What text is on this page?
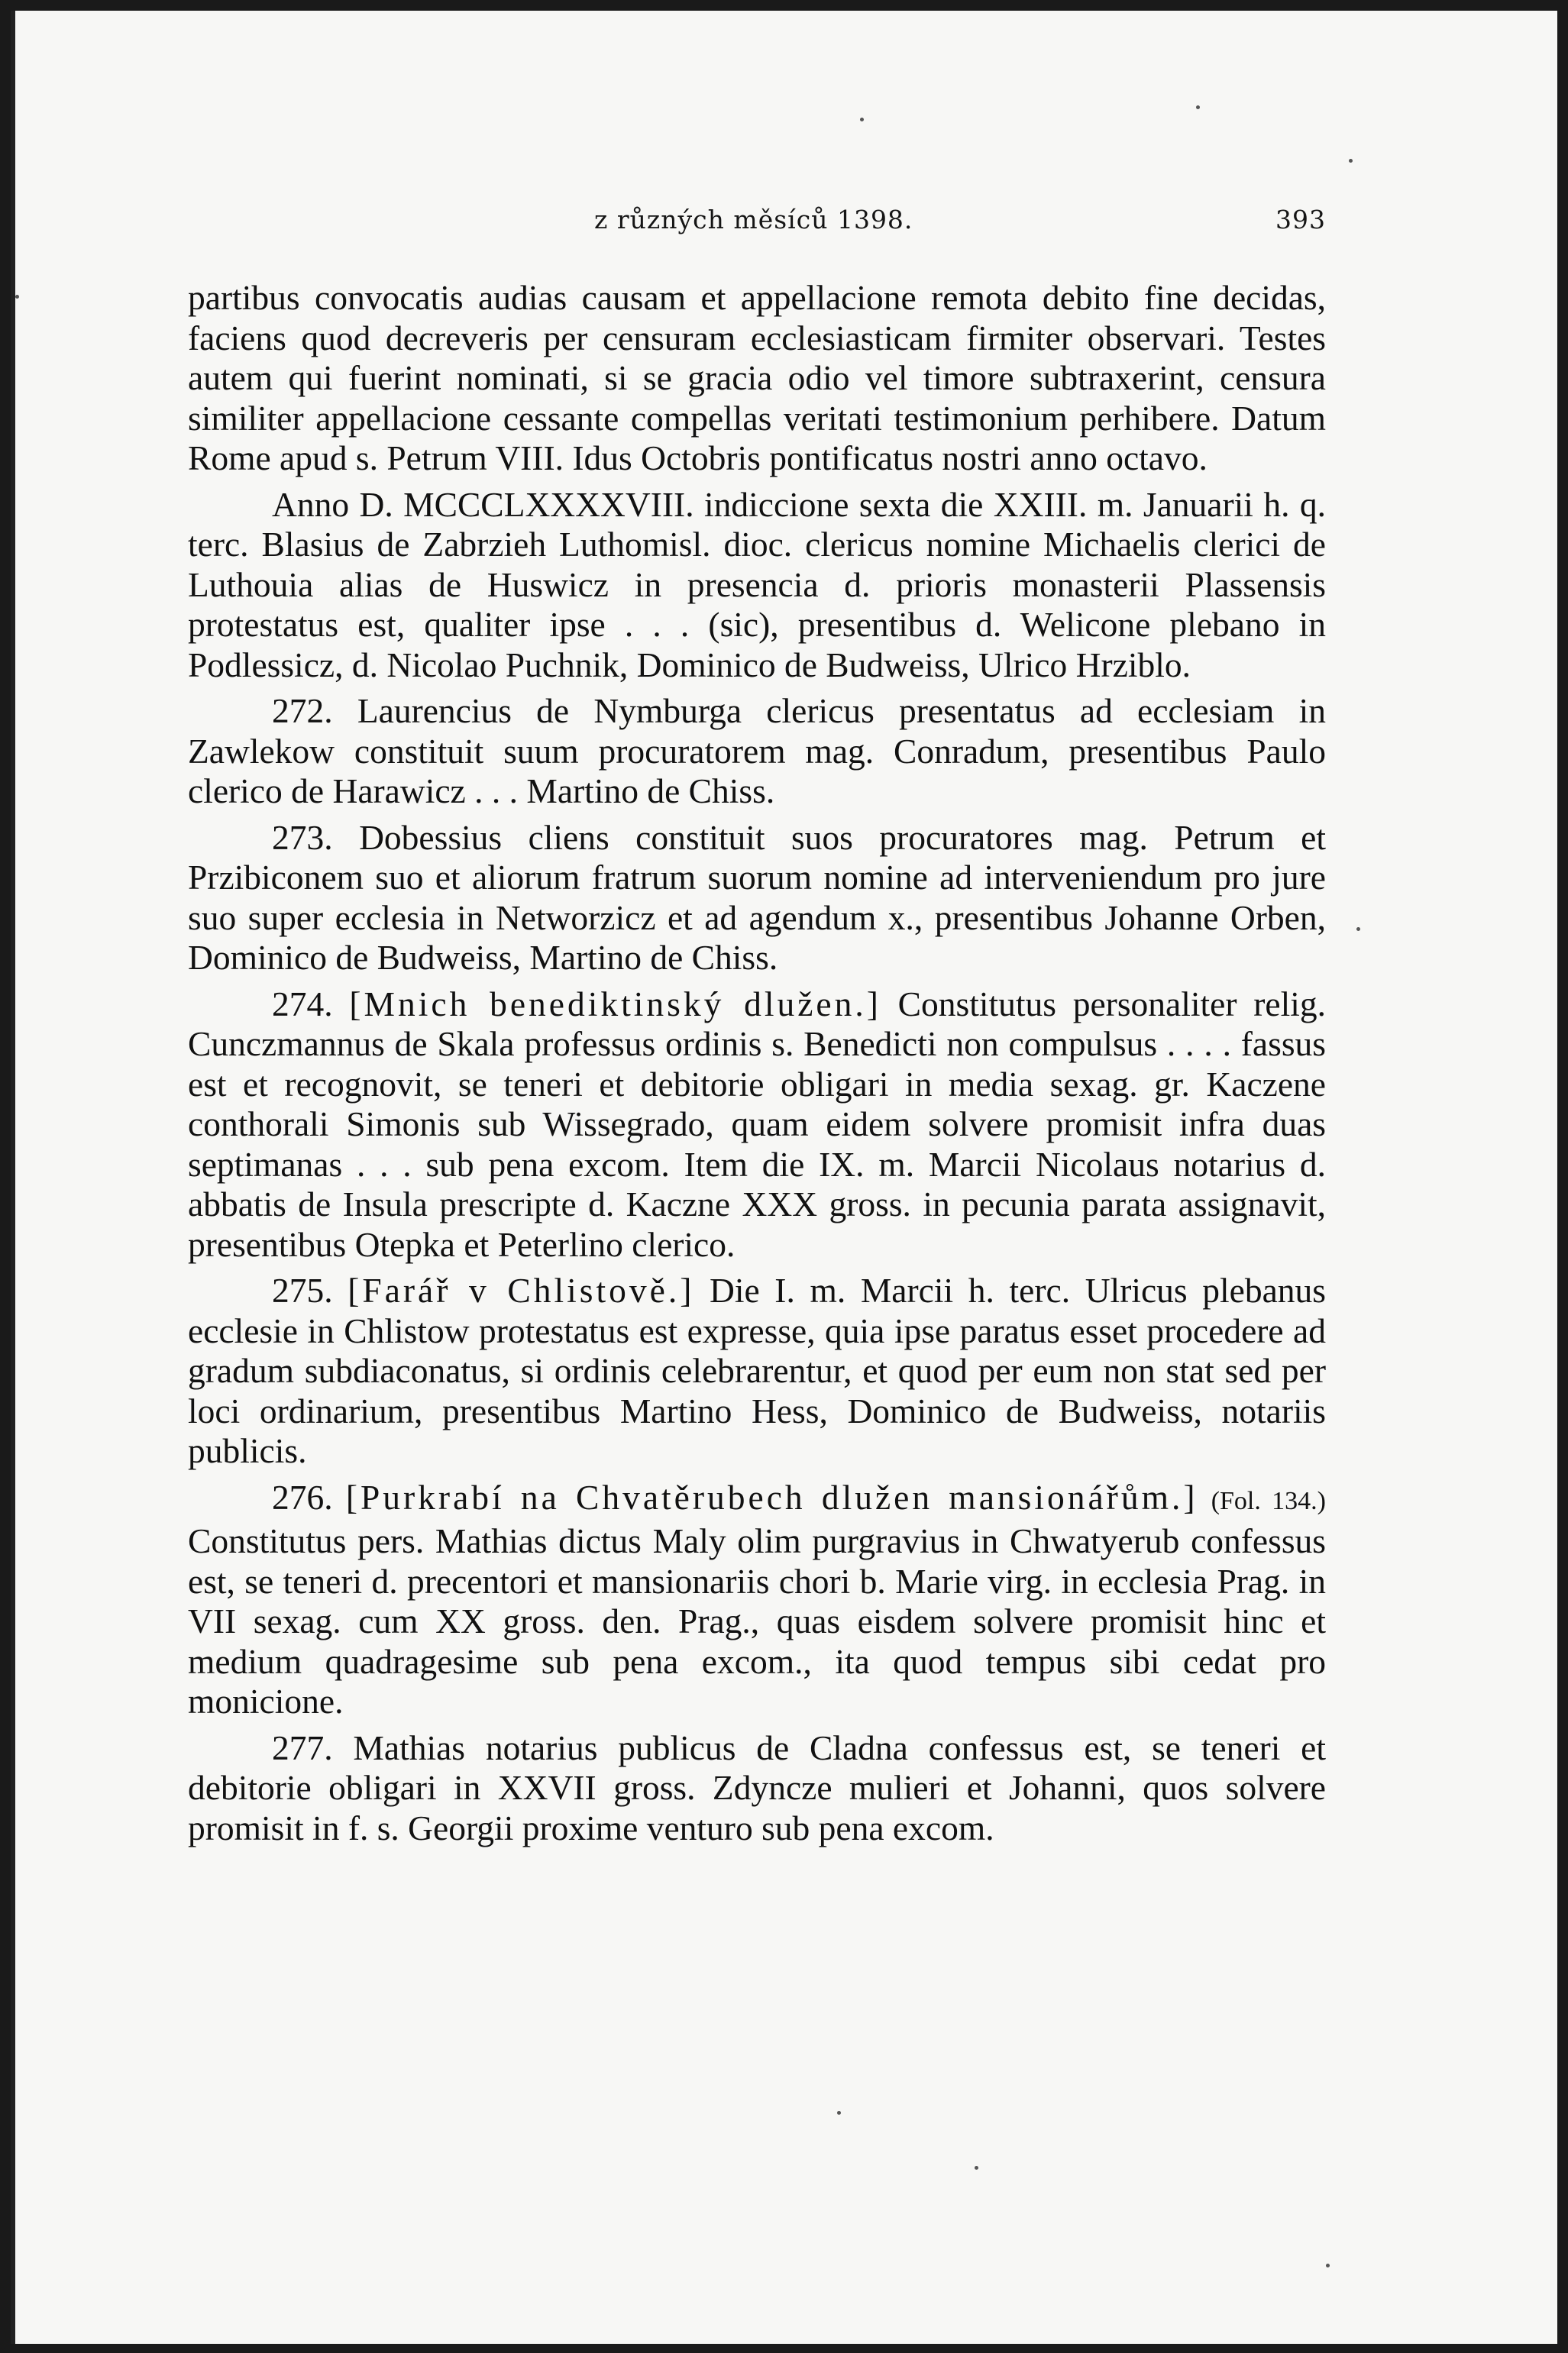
z různých měsíců 1398.	393

partibus convocatis audias causam et appellacione remota debito fine decidas, faciens quod decreveris per censuram ecclesiasticam firmiter observari. Testes autem qui fuerint nominati, si se gracia odio vel timore subtraxerint, censura similiter appellacione cessante compellas veritati testimonium perhibere. Datum Rome apud s. Petrum VIII. Idus Octobris pontificatus nostri anno octavo.

Anno D. MCCCLXXXXVIII. indiccione sexta die XXIII. m. Januarii h. q. terc. Blasius de Zabrzieh Luthomisl. dioc. clericus nomine Michaelis clerici de Luthouia alias de Huswicz in presencia d. prioris monasterii Plassensis protestatus est, qualiter ipse . . . (sic), presentibus d. Welicone plebano in Podlessicz, d. Nicolao Puchnik, Dominico de Budweiss, Ulrico Hrziblo.

272. Laurencius de Nymburga clericus presentatus ad ecclesiam in Zawlekow constituit suum procuratorem mag. Conradum, presentibus Paulo clerico de Harawicz . . . Martino de Chiss.

273. Dobessius cliens constituit suos procuratores mag. Petrum et Przibiconem suo et aliorum fratrum suorum nomine ad interveniendum pro jure suo super ecclesia in Networzicz et ad agendum x., presentibus Johanne Orben, Dominico de Budweiss, Martino de Chiss.

274. [Mnich benediktinský dlužen.] Constitutus personaliter relig. Cunczmannus de Skala professus ordinis s. Benedicti non compulsus . . . . fassus est et recognovit, se teneri et debitorie obligari in media sexag. gr. Kaczene conthorali Simonis sub Wissegrado, quam eidem solvere promisit infra duas septimanas . . . sub pena excom. Item die IX. m. Marcii Nicolaus notarius d. abbatis de Insula prescripte d. Kaczne XXX gross. in pecunia parata assignavit, presentibus Otepka et Peterlino clerico.

275. [Farář v Chlistově.] Die I. m. Marcii h. terc. Ulricus plebanus ecclesie in Chlistow protestatus est expresse, quia ipse paratus esset procedere ad gradum subdiaconatus, si ordinis celebrarentur, et quod per eum non stat sed per loci ordinarium, presentibus Martino Hess, Dominico de Budweiss, notariis publicis.

276. [Purkrabí na Chvatěrubech dlužen mansionářům.] (Fol. 134.) Constitutus pers. Mathias dictus Maly olim purgravius in Chwatyerub confessus est, se teneri d. precentori et mansionariis chori b. Marie virg. in ecclesia Prag. in VII sexag. cum XX gross. den. Prag., quas eisdem solvere promisit hinc et medium quadragesime sub pena excom., ita quod tempus sibi cedat pro monicione.

277. Mathias notarius publicus de Cladna confessus est, se teneri et debitorie obligari in XXVII gross. Zdyncze mulieri et Johanni, quos solvere promisit in f. s. Georgii proxime venturo sub pena excom.
